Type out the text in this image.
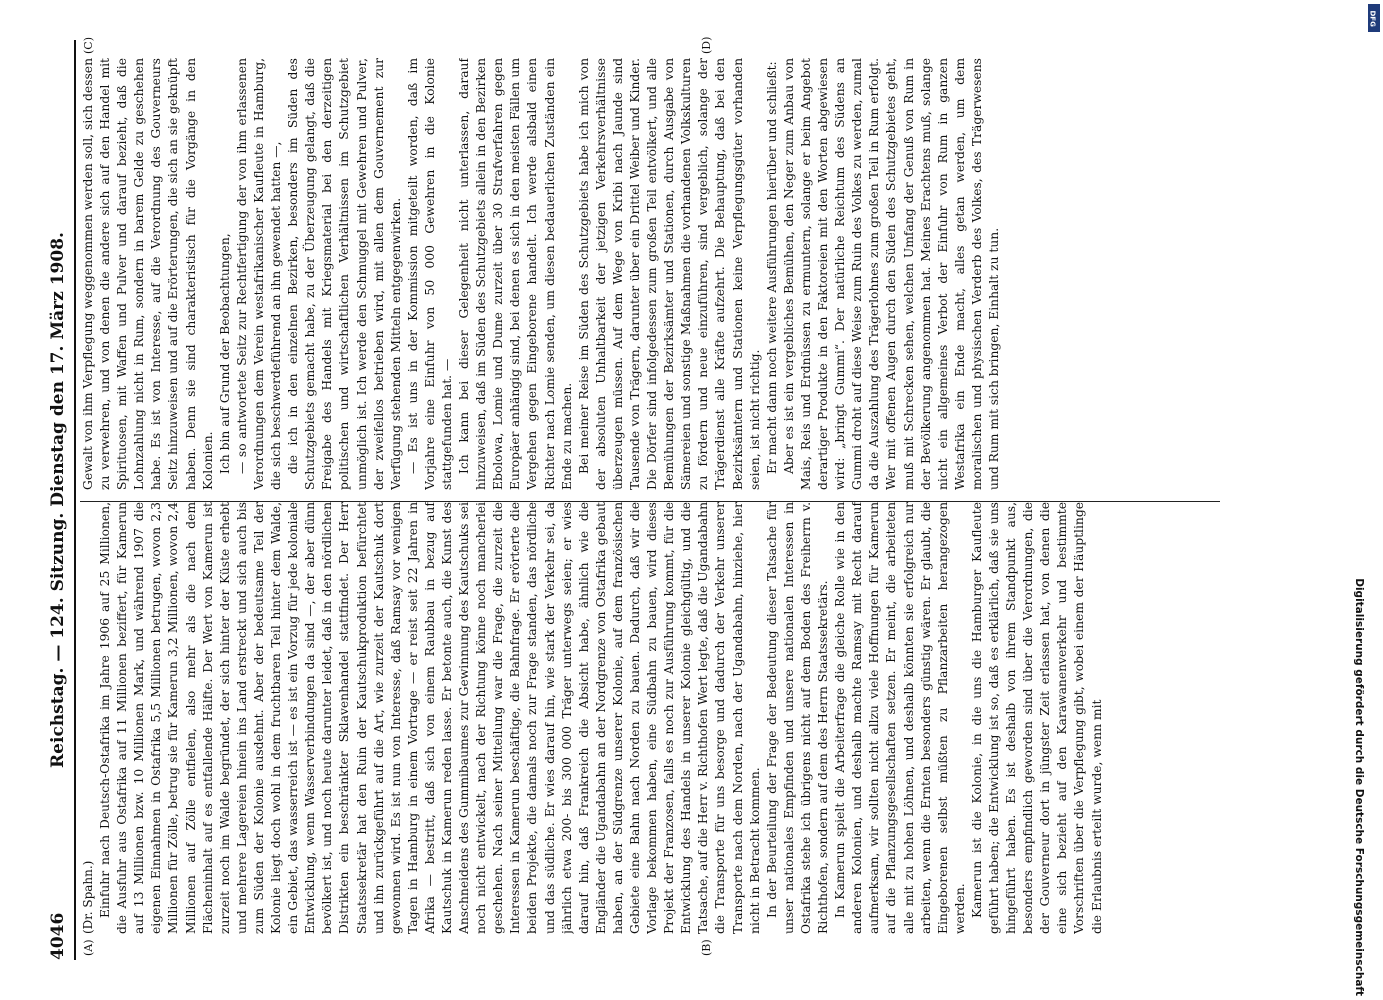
4046
Reichstag. — 124. Sitzung. Dienstag den 17. März 1908.
(A)	(B)
(C)	(D)

(Dr. Spahn.) Einfuhr nach Deutsch-Ostafrika im Jahre 1906 auf 25 Millionen, die Ausfuhr aus Ostafrika auf 11 Millionen beziffert, für Kamerun auf 13 Millionen bzw. 10 Millionen Mark, und während 1907 die eigenen Einnahmen in Ostafrika 5,5 Millionen betrugen, wovon 2,3 Millionen für Zölle, betrug sie für Kamerun 3,2 Millionen, wovon 2,4 Millionen auf Zölle entfielen, also mehr als die nach dem Flächeninhalt auf es entfallende Hälfte. Der Wert von Kamerun ist zurzeit noch im Walde begründet, der sich hinter der Küste erhebt und mehrere Lagereien hinein ins Land erstreckt und sich auch bis zum Süden der Kolonie ausdehnt. Aber der bedeutsame Teil der Kolonie liegt doch wohl in dem fruchtbaren Teil hinter dem Walde, ein Gebiet, das wasserreich ist — es ist ein Vorzug für jede koloniale Entwicklung, wenn Wasserverbindungen da sind —, der aber dünn bevölkert ist, und noch heute darunter leidet, daß in den nördlichen Distrikten ein beschränkter Sklavenhandel stattfindet. Der Herr Staatssekretär hat den Ruin der Kautschukproduktion befürchtet und ihn zurückgeführt auf die Art, wie zurzeit der Kautschuk dort gewonnen wird. Es ist nun von Interesse, daß Ramsay vor wenigen Tagen in Hamburg in einem Vortrage — er reist seit 22 Jahren in Afrika — bestritt, daß sich von einem Raubbau in bezug auf Kautschuk in Kamerun reden lasse. Er betonte auch, die Kunst des Anschneidens des Gummibaumes zur Gewinnung des Kautschuks sei noch nicht entwickelt, nach der Richtung könne noch mancherlei geschehen. Nach seiner Mitteilung war die Frage, die zurzeit die Interessen in Kamerun beschäftige, die Bahnfrage. Er erörterte die beiden Projekte, die damals noch zur Frage standen, das nördliche und das südliche. Er wies darauf hin, wie stark der Verkehr sei, da jährlich etwa 200- bis 300 000 Träger unterwegs seien; er wies darauf hin, daß Frankreich die Absicht habe, ähnlich wie die Engländer die Ugandabahn an der Nordgrenze von Ostafrika gebaut haben, an der Südgrenze unserer Kolonie, auf dem französischen Gebiete eine Bahn nach Norden zu bauen. Dadurch, daß wir die Vorlage bekommen haben, eine Südbahn zu bauen, wird dieses Projekt der Franzosen, falls es noch zur Ausführung kommt, für die Entwicklung des Handels in unserer Kolonie gleichgültig, und die Tatsache, auf die Herr v. Richthofen Wert legte, daß die Ugandabahn die Transporte für uns besorge und dadurch der Verkehr unserer Transporte nach dem Norden, nach der Ugandabahn, hinziehe, hier nicht in Betracht kommen. In der Beurteilung der Frage der Bedeutung dieser Tatsache für unser nationales Empfinden und unsere nationalen Interessen in Ostafrika stehe ich übrigens nicht auf dem Boden des Freiherrn v. Richthofen, sondern auf dem des Herrn Staatssekretärs. In Kamerun spielt die Arbeiterfrage die gleiche Rolle wie in den anderen Kolonien, und deshalb machte Ramsay mit Recht darauf aufmerksam, wir sollten nicht allzu viele Hoffnungen für Kamerun auf die Pflanzungsgesellschaften setzen. Er meint, die arbeiteten alle mit zu hohen Löhnen, und deshalb könnten sie erfolgreich nur arbeiten, wenn die Ernten besonders günstig wären. Er glaubt, die Eingeborenen selbst müßten zu Pflanzarbeiten herangezogen werden. Kamerun ist die Kolonie, in die uns die Hamburger Kaufleute geführt haben; die Entwicklung ist so, daß es erklärlich, daß sie uns hingeführt haben. Es ist deshalb von ihrem Standpunkt aus, besonders empfindlich geworden sind über die Verordnungen, die der Gouverneur dort in jüngster Zeit erlassen hat, von denen die eine sich bezieht auf den Karawanenverkehr und bestimmte Vorschriften über die Verpflegung gibt, wobei einem der Häuptlinge die Erlaubnis erteilt wurde, wenn mit

Gewalt von ihm Verpflegung weggenommen werden soll, sich dessen zu verwehren, und von denen die andere sich auf den Handel mit Spirituosen, mit Waffen und Pulver und darauf bezieht, daß die Lohnzahlung nicht in Rum, sondern in barem Gelde zu geschehen habe. Es ist von Interesse, auf die Verordnung des Gouverneurs Seitz hinzuweisen und auf die Erörterungen, die sich an sie geknüpft haben. Denn sie sind charakteristisch für die Vorgänge in den Kolonien. Ich bin auf Grund der Beobachtungen, — so antwortete Seitz zur Rechtfertigung der von ihm erlassenen Verordnungen dem Verein westafrikanischer Kaufleute in Hamburg, die sich beschwerdeführend an ihn gewendet hatten —, die ich in den einzelnen Bezirken, besonders im Süden des Schutzgebiets gemacht habe, zu der Überzeugung gelangt, daß die Freigabe des Handels mit Kriegsmaterial bei den derzeitigen politischen und wirtschaftlichen Verhältnissen im Schutzgebiet unmöglich ist. Ich werde den Schmuggel mit Gewehren und Pulver, der zweifellos betrieben wird, mit allen dem Gouvernement zur Verfügung stehenden Mitteln entgegenwirken. — Es ist uns in der Kommission mitgeteilt worden, daß im Vorjahre eine Einfuhr von 50 000 Gewehren in die Kolonie stattgefunden hat. — Ich kann bei dieser Gelegenheit nicht unterlassen, darauf hinzuweisen, daß im Süden des Schutzgebiets allein in den Bezirken Ebolowa, Lomie und Dume zurzeit über 30 Strafverfahren gegen Europäer anhängig sind, bei denen es sich in den meisten Fällen um Vergehen gegen Eingeborene handelt. Ich werde alsbald einen Richter nach Lomie senden, um diesen bedauerlichen Zuständen ein Ende zu machen. Bei meiner Reise im Süden des Schutzgebiets habe ich mich von der absoluten Unhaltbarkeit der jetzigen Verkehrsverhältnisse überzeugen müssen. Auf dem Wege von Kribi nach Jaunde sind Tausende von Trägern, darunter über ein Drittel Weiber und Kinder. Die Dörfer sind infolgedessen zum großen Teil entvölkert, und alle Bemühungen der Bezirksämter und Stationen, durch Ausgabe von Sämereien und sonstige Maßnahmen die vorhandenen Volkskulturen zu fördern und neue einzuführen, sind vergeblich, solange der Trägerdienst alle Kräfte aufzehrt. Die Behauptung, daß bei den Bezirksämtern und Stationen keine Verpflegungsgüter vorhanden seien, ist nicht richtig. Er macht dann noch weitere Ausführungen hierüber und schließt: Aber es ist ein vergebliches Bemühen, den Neger zum Anbau von Mais, Reis und Erdnüssen zu ermuntern, solange er beim Angebot derartiger Produkte in den Faktoreien mit den Worten abgewiesen wird: „bringt Gummi“. Der natürliche Reichtum des Südens an Gummi droht auf diese Weise zum Ruin des Volkes zu werden, zumal da die Auszahlung des Trägerlohnes zum großen Teil in Rum erfolgt. Wer mit offenen Augen durch den Süden des Schutzgebietes geht, muß mit Schrecken sehen, welchen Umfang der Genuß von Rum in der Bevölkerung angenommen hat. Meines Erachtens muß, solange nicht ein allgemeines Verbot der Einfuhr von Rum in ganzen Westafrika ein Ende macht, alles getan werden, um dem moralischen und physischen Verderb des Volkes, des Trägerwesens und Rum mit sich bringen, Einhalt zu tun.

Digitalisierung gefördert durch die Deutsche Forschungsgemeinschaft
DFG
